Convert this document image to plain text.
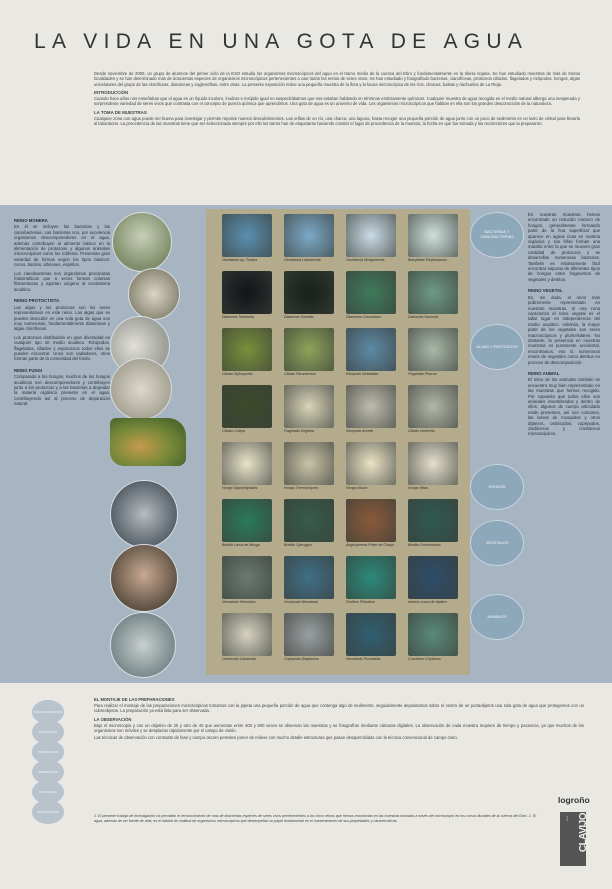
LA VIDA EN UNA GOTA DE AGUA

Desde noviembre de 2006, un grupo de alumnos del primer ciclo de la ESO estudia los organismos microscópicos del agua en el tramo medio de la cuenca del Ebro y fundamentalmente en la ribera riojana. Se han estudiado muestras de más de treinta localidades y se han determinado más de doscientas especies de organismos microscópicos pertenecientes a casi todos los reinos de seres vivos. Se han estudiado y fotografiado bacterias, cianofíceas, protozoos ciliados, flagelados y rizópodos, hongos, algas unicelulares del grupo de las cloroficeas, diatomeas y euglenofitas, entre otras. La presente exposición reúne una pequeña muestra de la flora y la fauna microscópica de los ríos, charcas, balsas y riachuelos de La Rioja.

INTRODUCCIÓN

Cuando hace años nos enseñaban que el agua es un líquido incoloro, inodoro e insípido igual no sospechábamos que nos estaban hablando en términos estrictamente químicos. Cualquier muestra de agua recogida en el medio natural alberga una inesperada y sorprendente variedad de seres vivos que contrasta con el concepto de pureza química que aprendimos. Una gota de agua es un universo de vida. Los organismos microscópicos que habitan en ella son los grandes desconocidos de la naturaleza.

LA TOMA DE MUESTRAS

Cualquier zona con agua puede ser buena para investigar y permite reportar nuevos descubrimientos. Las orillas de un río, una charca, una laguna, hasta recoger una pequeña porción de agua junto con un poco de sedimento en un tarro de cristal para llevarla al laboratorio. La procedencia de las muestras tiene que ser seleccionada siempre por ello los tarros han de etiquetarse haciendo constar el lugar de procedencia de la muestra, la fecha en que fue tomada y los recolectores que la prepararon.

REINO MONERA

En él se incluyen las bacterias y las cianobacterias. Las bacterias son, por excelencia organismos descomponedores en el agua, además contribuyen al alimento básico en la alimentación de protozoos y algunos animales microscópicos como los rotíferos. Presentan gran variedad de formas según los tipos básicos: cocos, bacilos, vibriones, espirilos.

Los cianobacterias son organismos procariotas fotosintéticos que a veces forman colonias filamentosas y aportan oxígeno al ecosistema acuático.

REINO PROTOCTISTA

Las algas y los protozoos son los seres representativos en este reino. Las algas que se pueden descubrir en una sola gota de agua son muy numerosas, fundamentalmente diatomeas y algas cloroficeas.

Los protozoos distribuidos en gran diversidad en cualquier tipo de medio acuático. Rizópodos, flagelados, ciliados y esporozoos todos ellos se pueden encontrar. Unos son nadadores, otros forman parte de la comunidad del fondo.

REINO FUNGI

Comparado a los hongos, muchos de los hongos acuáticos son descomponedores y contribuyen junto a los protozoos y a las bacterias a degradar la materia orgánica presente en el agua, contribuyendo así al proceso de depuración natural.

Oscilatoria sp. Tonsus	Oscilatoria Leptotrichia	Oscilatoria Morganensis	Botryllidae Eleptosaurus
Diatomea Tabellaria	Diatomea Surirella	Diatomea Cosmarium	Diatomea Navicula
Ciliado Stylonychia	Ciliado Paramecium	Rizópodo Nebelidae	Flagelado Phacus
Ciliado Coleps	Flagelado Euglena	Rizópodo Arcella	Ciliado Vorticella
Hongo Saprolegniales	Hongo Thermomyces	Hongo Mucor	Hongo Hifas
Briofito Larva de Musgo	Briofito Spirogyra	Angiosperma Polen de Chopo	Briofito Germinación
Nematodo Helmintos	Ostrácodo Nematodo	Rotífero Philodina	Insecto Larva de díptero
Ostrácodo Ostrácodo	Copépodo Diaptomus	Nematodo Plumatella	Crustáceo Chydorus
BACTERIAS Y CIANOBACTERIAS
ALGAS Y PROTOZOOS
HONGOS
VEGETALES
ANIMALES

En nuestras muestras hemos encontrado un reducido número de hongos, generalmente formando parte de la fina superficial que aparece en aguas ricas en materia orgánica y sus hifas forman una maraña entre la que se mueven gran cantidad de protozoos y se desarrollan numerosas bacterias. También es relativamente fácil encontrar esporas de diferentes tipos de hongos entre fragmentos de vegetales y detritus.

REINO VEGETAL

Es, sin duda, el reino más pobremente representado en nuestras muestras. Si una zona caracteriza el reino vegetal es el tallar lugar en independencia del medio acuático. Además, la mayor parte de los vegetales son seres macroscópicos y pluricelulares. No obstante, la presencia en nuestras muestras es puramente accidental, encontramos, eso sí, numerosos restos de vegetales como detritus en proceso de descomposición.

REINO ANIMAL

El reino de los animales también se encuentra muy bien representado en las muestras que hemos recogido. Por supuesto que todos ellos son animales invertebrados y dentro de ellos, algunos de cuerpo articulado están presentes, así son comunes, las larvas de mosquitos y otros dípteros, ostrácodos, copépodos, cladóceros y crustáceos microscópicos.

EL MONTAJE DE LAS PREPARACIONES

Para realizar el montaje de las preparaciones microscópicas tomamos con la pipeta una pequeña porción de agua que contenga algo de sedimento, seguidamente depositamos sobre el centro de un portaobjetos una sola gota de agua que protegemos con un cubreobjetos. La preparación ya está lista para ser observada.

LA OBSERVACIÓN

Bajo el microscopio y con un objetivo de 20 y otro de 40 que aumentan entre 400 y 800 veces se observan las muestras y se fotografían mediante cámaras digitales. La observación de cada muestra requiere de tiempo y paciencia, ya que muchos de los organismos son móviles y se desplazan rápidamente por el campo de visión.

Las técnicas de observación con contraste de fase y campo oscuro permiten poner de relieve con mucho detalle estructuras que pasan desapercibidas con la técnica convencional de campo claro.

TOMA DE MUESTRAS
ETIQUETADO
PREPARACIÓN
OBSERVACIÓN
FOTOGRAFÍA
IDENTIFICACIÓN
1. El presente trabajo de investigación ha permitido el reconocimiento de más de doscientas especies de seres vivos pertenecientes a los cinco reinos que hemos encontrado en las muestras tomadas a través del microscopio en los cursos fluviales de la cuenca del Ebro. 2. El agua, además de ser fuente de vida, es el hábitat de multitud de organismos microscópicos que desempeñan un papel fundamental en el mantenimiento de sus propiedades y características.
logroño
CLAVIJO
i.e.s.
